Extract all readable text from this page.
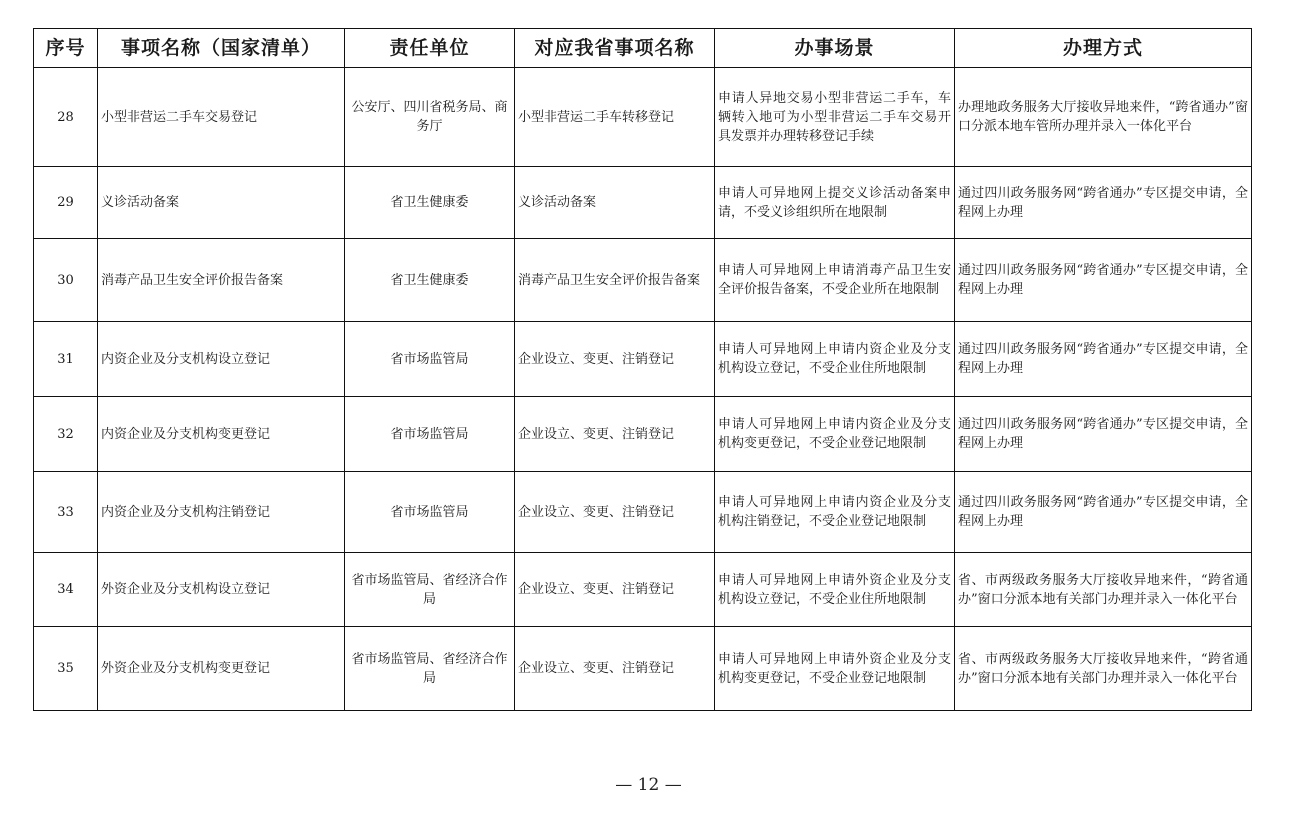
序号	事项名称（国家清单）	责任单位	对应我省事项名称	办事场景	办理方式
28	小型非营运二手车交易登记	公安厅、四川省税务局、商务厅	小型非营运二手车转移登记	申请人异地交易小型非营运二手车，车辆转入地可为小型非营运二手车交易开具发票并办理转移登记手续	办理地政务服务大厅接收异地来件，“跨省通办”窗口分派本地车管所办理并录入一体化平台
29	义诊活动备案	省卫生健康委	义诊活动备案	申请人可异地网上提交义诊活动备案申请，不受义诊组织所在地限制	通过四川政务服务网“跨省通办”专区提交申请，全程网上办理
30	消毒产品卫生安全评价报告备案	省卫生健康委	消毒产品卫生安全评价报告备案	申请人可异地网上申请消毒产品卫生安全评价报告备案，不受企业所在地限制	通过四川政务服务网“跨省通办”专区提交申请，全程网上办理
31	内资企业及分支机构设立登记	省市场监管局	企业设立、变更、注销登记	申请人可异地网上申请内资企业及分支机构设立登记，不受企业住所地限制	通过四川政务服务网“跨省通办”专区提交申请，全程网上办理
32	内资企业及分支机构变更登记	省市场监管局	企业设立、变更、注销登记	申请人可异地网上申请内资企业及分支机构变更登记，不受企业登记地限制	通过四川政务服务网“跨省通办”专区提交申请，全程网上办理
33	内资企业及分支机构注销登记	省市场监管局	企业设立、变更、注销登记	申请人可异地网上申请内资企业及分支机构注销登记，不受企业登记地限制	通过四川政务服务网“跨省通办”专区提交申请，全程网上办理
34	外资企业及分支机构设立登记	省市场监管局、省经济合作局	企业设立、变更、注销登记	申请人可异地网上申请外资企业及分支机构设立登记，不受企业住所地限制	省、市两级政务服务大厅接收异地来件，“跨省通办”窗口分派本地有关部门办理并录入一体化平台
35	外资企业及分支机构变更登记	省市场监管局、省经济合作局	企业设立、变更、注销登记	申请人可异地网上申请外资企业及分支机构变更登记，不受企业登记地限制	省、市两级政务服务大厅接收异地来件，“跨省通办”窗口分派本地有关部门办理并录入一体化平台
— 12 —
